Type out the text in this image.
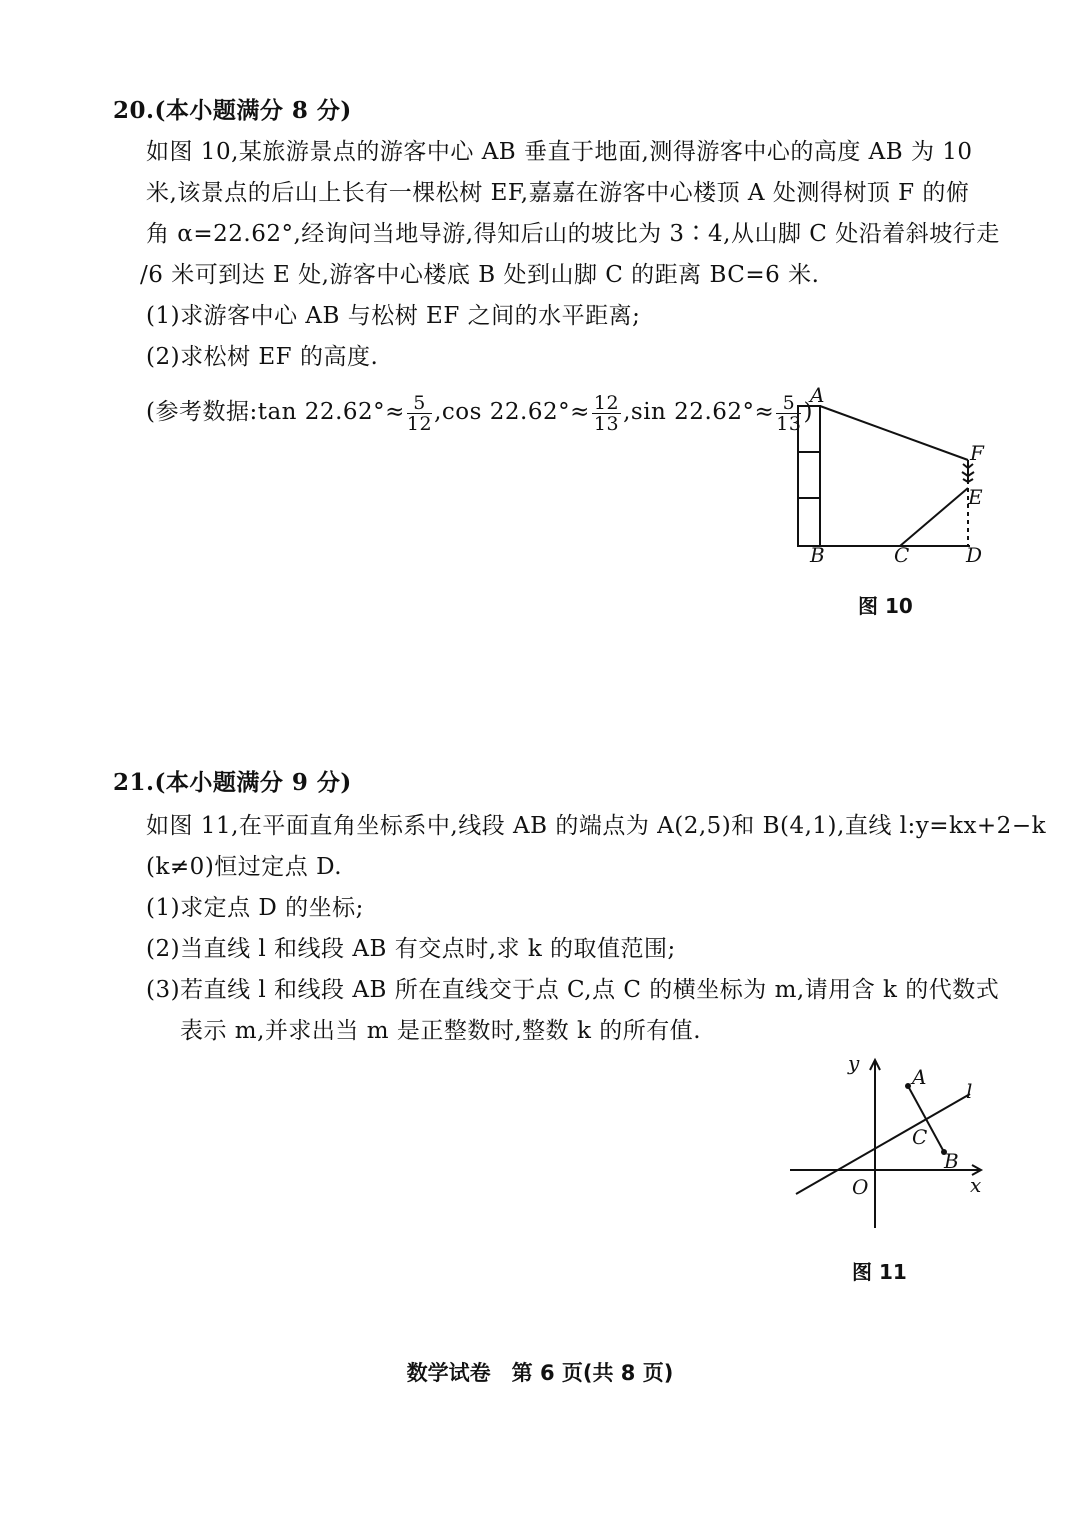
20.(本小题满分 8 分)
如图 10,某旅游景点的游客中心 AB 垂直于地面,测得游客中心的高度 AB 为 10
米,该景点的后山上长有一棵松树 EF,嘉嘉在游客中心楼顶 A 处测得树顶 F 的俯
角 α=22.62°,经询问当地导游,得知后山的坡比为 3∶4,从山脚 C 处沿着斜坡行走
/6 米可到达 E 处,游客中心楼底 B 处到山脚 C 的距离 BC=6 米.
(1)求游客中心 AB 与松树 EF 之间的水平距离;
(2)求松树 EF 的高度.
(参考数据:tan $22.62^\circ\approx \frac{5}{12} ,\cos$ $22.62^\circ\approx \frac{12}{13} ,\sin$ $22.62^\circ\approx \frac{5}{13}$ )
A
B	C	D
E
F
图 10
21.(本小题满分 9 分)
如图 11,在平面直角坐标系中,线段 AB 的端点为 A(2,5)和 B(4,1),直线 l:y=kx+2−k
(k≠0)恒过定点 D.
(1)求定点 D 的坐标;
(2)当直线 l 和线段 AB 有交点时,求 k 的取值范围;
(3)若直线 l 和线段 AB 所在直线交于点 C,点 C 的横坐标为 m,请用含 k 的代数式
表示 m,并求出当 m 是正整数时,整数 k 的所有值.
y
x
O
A
B
C
l
图 11
数学试卷　第 6 页(共 8 页)
